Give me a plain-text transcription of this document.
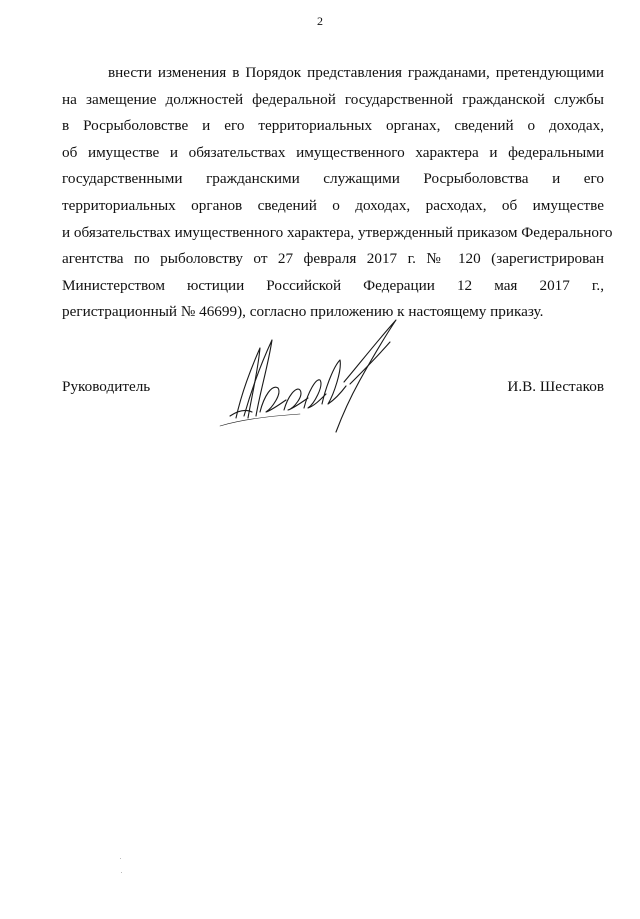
2
внести изменения в Порядок представления гражданами, претендующими
на замещение должностей федеральной государственной гражданской службы
в Росрыболовстве и его территориальных органах, сведений о доходах,
об имуществе и обязательствах имущественного характера и федеральными
государственными гражданскими служащими Росрыболовства и его
территориальных органов сведений о доходах, расходах, об имуществе
и обязательствах имущественного характера, утвержденный приказом Федерального
агентства по рыболовству от 27 февраля 2017 г. № 120 (зарегистрирован
Министерством юстиции Российской Федерации 12 мая 2017 г.,
регистрационный № 46699), согласно приложению к настоящему приказу.
Руководитель	И.В. Шестаков
